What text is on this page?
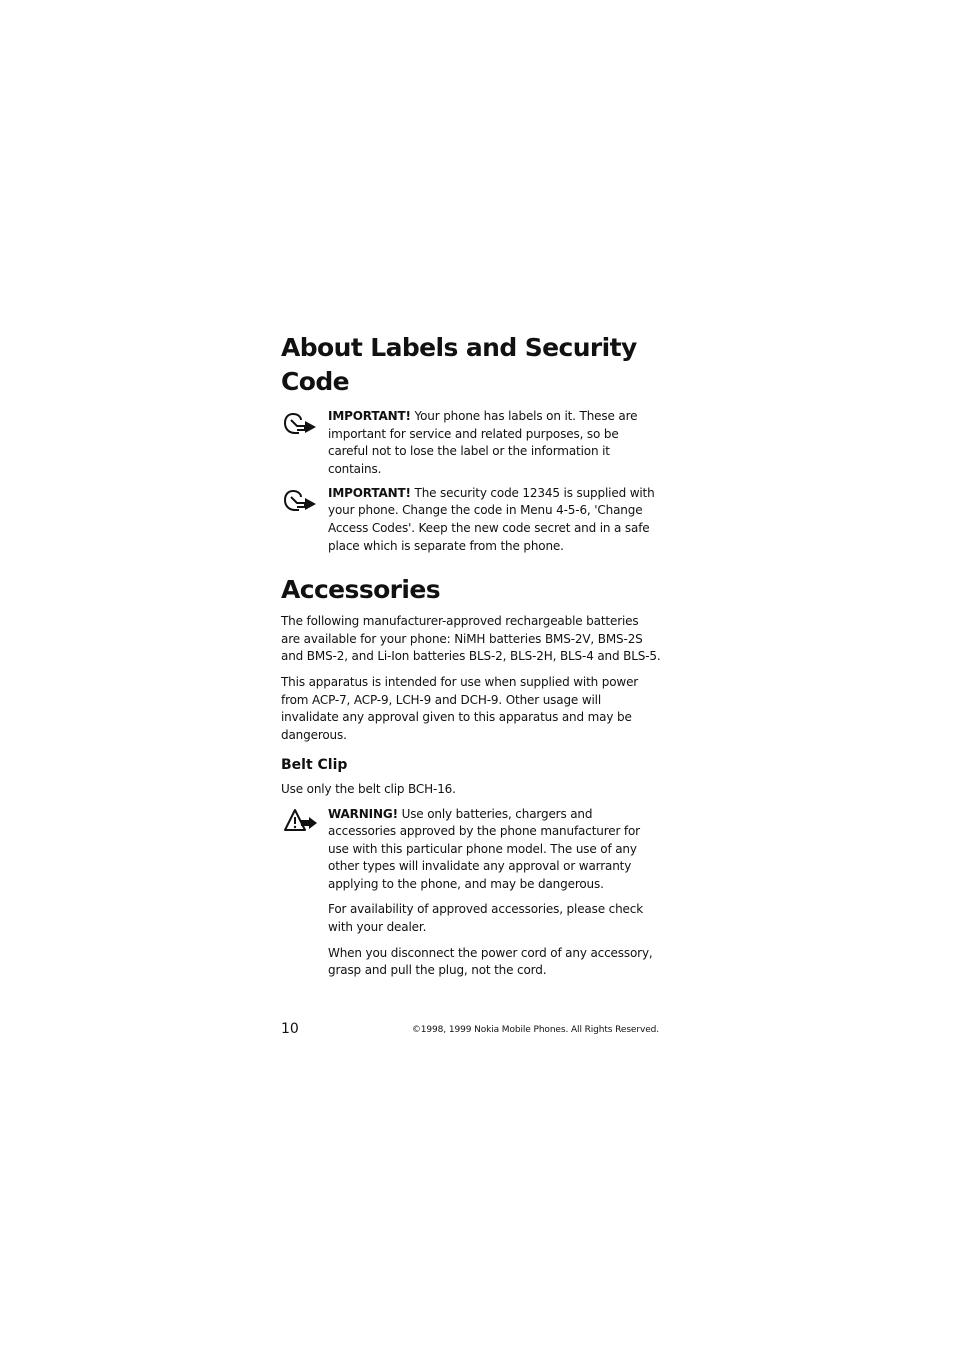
About Labels and Security Code

IMPORTANT! Your phone has labels on it. These are important for service and related purposes, so be careful not to lose the label or the information it contains.

IMPORTANT! The security code 12345 is supplied with your phone. Change the code in Menu 4-5-6, 'Change Access Codes'. Keep the new code secret and in a safe place which is separate from the phone.

Accessories

The following manufacturer-approved rechargeable batteries are available for your phone: NiMH batteries BMS-2V, BMS-2S and BMS-2, and Li-Ion batteries BLS-2, BLS-2H, BLS-4 and BLS-5.

This apparatus is intended for use when supplied with power from ACP-7, ACP-9, LCH-9 and DCH-9. Other usage will invalidate any approval given to this apparatus and may be dangerous.

Belt Clip

Use only the belt clip BCH-16.

WARNING! Use only batteries, chargers and accessories approved by the phone manufacturer for use with this particular phone model. The use of any other types will invalidate any approval or warranty applying to the phone, and may be dangerous.

For availability of approved accessories, please check with your dealer.

When you disconnect the power cord of any accessory, grasp and pull the plug, not the cord.

10	©1998, 1999 Nokia Mobile Phones. All Rights Reserved.
